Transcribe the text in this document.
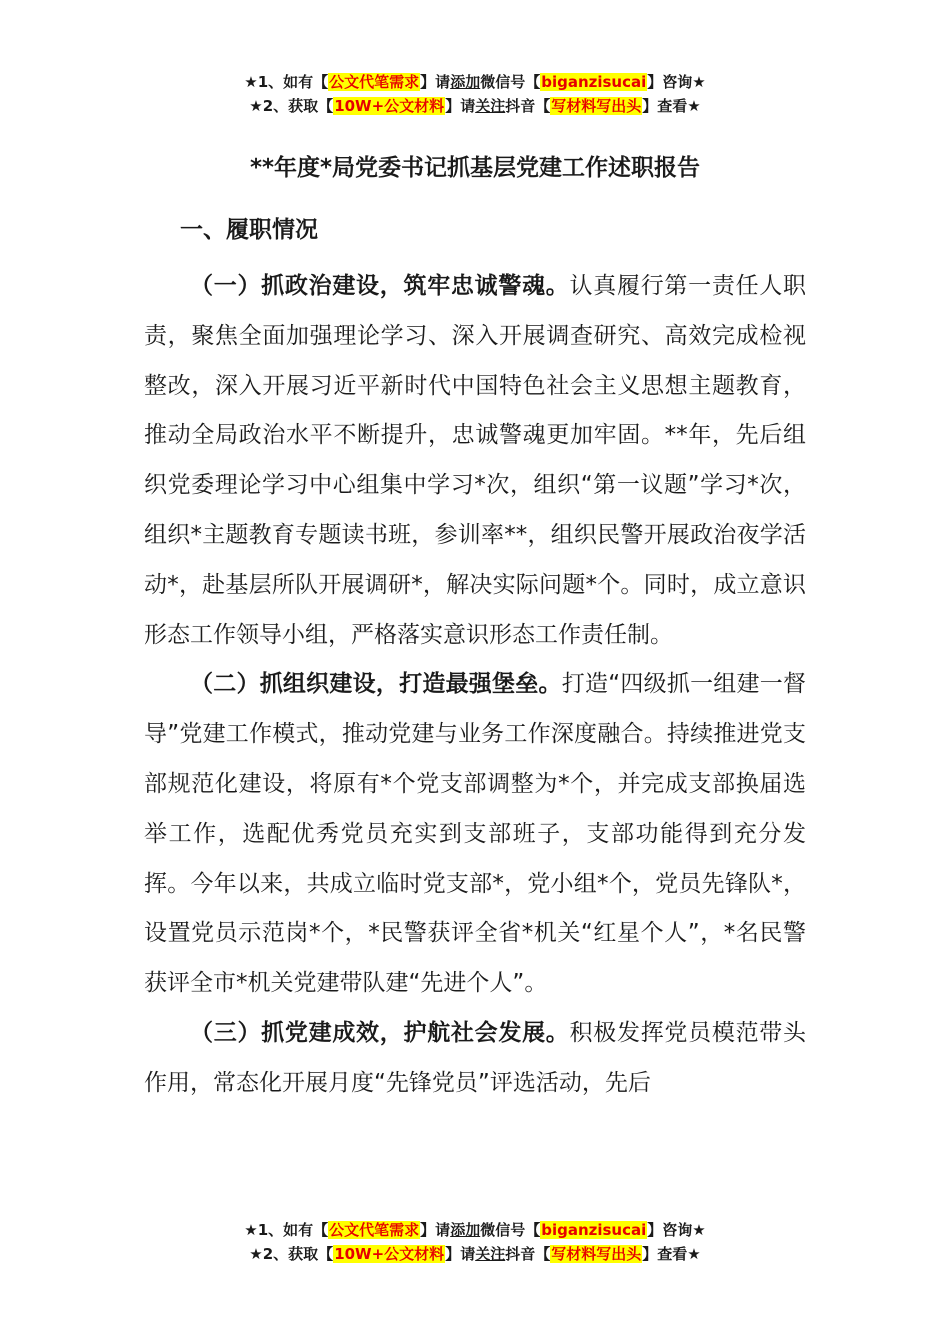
★1、如有【公文代笔需求】请添加微信号【biganzisucai】咨询★
★2、获取【10W+公文材料】请关注抖音【写材料写出头】查看★
**年度*局党委书记抓基层党建工作述职报告
一、履职情况

（一）抓政治建设，筑牢忠诚警魂。认真履行第一责任人职责，聚焦全面加强理论学习、深入开展调查研究、高效完成检视整改，深入开展习近平新时代中国特色社会主义思想主题教育，推动全局政治水平不断提升，忠诚警魂更加牢固。**年，先后组织党委理论学习中心组集中学习*次，组织“第一议题”学习*次，组织*主题教育专题读书班，参训率**，组织民警开展政治夜学活动*，赴基层所队开展调研*，解决实际问题*个。同时，成立意识形态工作领导小组，严格落实意识形态工作责任制。

（二）抓组织建设，打造最强堡垒。打造“四级抓一组建一督导”党建工作模式，推动党建与业务工作深度融合。持续推进党支部规范化建设，将原有*个党支部调整为*个，并完成支部换届选举工作，选配优秀党员充实到支部班子，支部功能得到充分发挥。今年以来，共成立临时党支部*，党小组*个，党员先锋队*，设置党员示范岗*个，*民警获评全省*机关“红星个人”，*名民警获评全市*机关党建带队建“先进个人”。

（三）抓党建成效，护航社会发展。积极发挥党员模范带头作用，常态化开展月度“先锋党员”评选活动，先后

★1、如有【公文代笔需求】请添加微信号【biganzisucai】咨询★
★2、获取【10W+公文材料】请关注抖音【写材料写出头】查看★
